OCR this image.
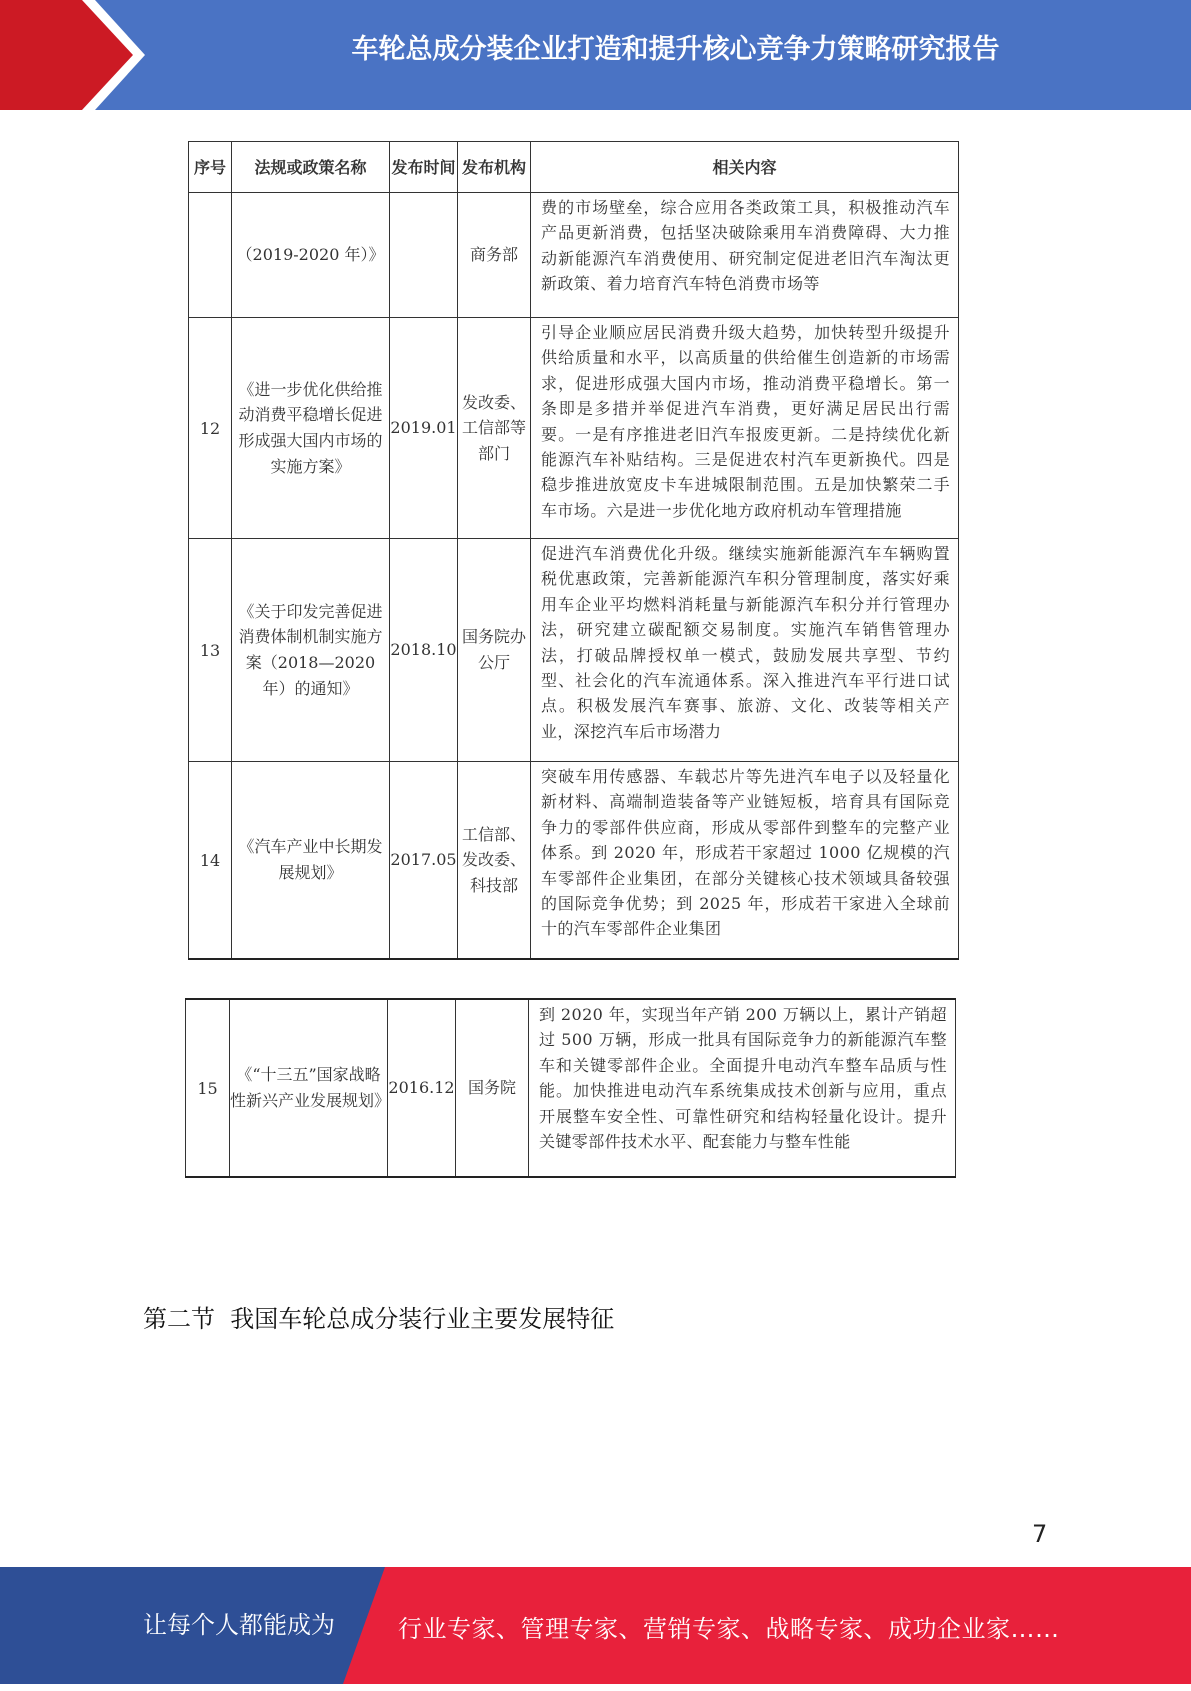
车轮总成分装企业打造和提升核心竞争力策略研究报告
序号	法规或政策名称	发布时间	发布机构	相关内容
	（2019-2020 年）》		商务部	费的市场壁垒，综合应用各类政策工具，积极推动汽车产品更新消费，包括坚决破除乘用车消费障碍、大力推动新能源汽车消费使用、研究制定促进老旧汽车淘汰更新政策、着力培育汽车特色消费市场等
12	《进一步优化供给推动消费平稳增长促进形成强大国内市场的实施方案》	2019.01	发改委、工信部等部门	引导企业顺应居民消费升级大趋势，加快转型升级提升供给质量和水平，以高质量的供给催生创造新的市场需求，促进形成强大国内市场，推动消费平稳增长。第一条即是多措并举促进汽车消费，更好满足居民出行需要。一是有序推进老旧汽车报废更新。二是持续优化新能源汽车补贴结构。三是促进农村汽车更新换代。四是稳步推进放宽皮卡车进城限制范围。五是加快繁荣二手车市场。六是进一步优化地方政府机动车管理措施
13	《关于印发完善促进消费体制机制实施方案（2018—2020 年）的通知》	2018.10	国务院办公厅	促进汽车消费优化升级。继续实施新能源汽车车辆购置税优惠政策，完善新能源汽车积分管理制度，落实好乘用车企业平均燃料消耗量与新能源汽车积分并行管理办法，研究建立碳配额交易制度。实施汽车销售管理办法，打破品牌授权单一模式，鼓励发展共享型、节约型、社会化的汽车流通体系。深入推进汽车平行进口试点。积极发展汽车赛事、旅游、文化、改装等相关产业，深挖汽车后市场潜力
14	《汽车产业中长期发展规划》	2017.05	工信部、发改委、科技部	突破车用传感器、车载芯片等先进汽车电子以及轻量化新材料、高端制造装备等产业链短板，培育具有国际竞争力的零部件供应商，形成从零部件到整车的完整产业体系。到 2020 年，形成若干家超过 1000 亿规模的汽车零部件企业集团，在部分关键核心技术领域具备较强的国际竞争优势；到 2025 年，形成若干家进入全球前十的汽车零部件企业集团
15	《“十三五”国家战略性新兴产业发展规划》	2016.12	国务院	到 2020 年，实现当年产销 200 万辆以上，累计产销超过 500 万辆，形成一批具有国际竞争力的新能源汽车整车和关键零部件企业。全面提升电动汽车整车品质与性能。加快推进电动汽车系统集成技术创新与应用，重点开展整车安全性、可靠性研究和结构轻量化设计。提升关键零部件技术水平、配套能力与整车性能
第二节  我国车轮总成分装行业主要发展特征
7
让每个人都能成为	行业专家、管理专家、营销专家、战略专家、成功企业家……
